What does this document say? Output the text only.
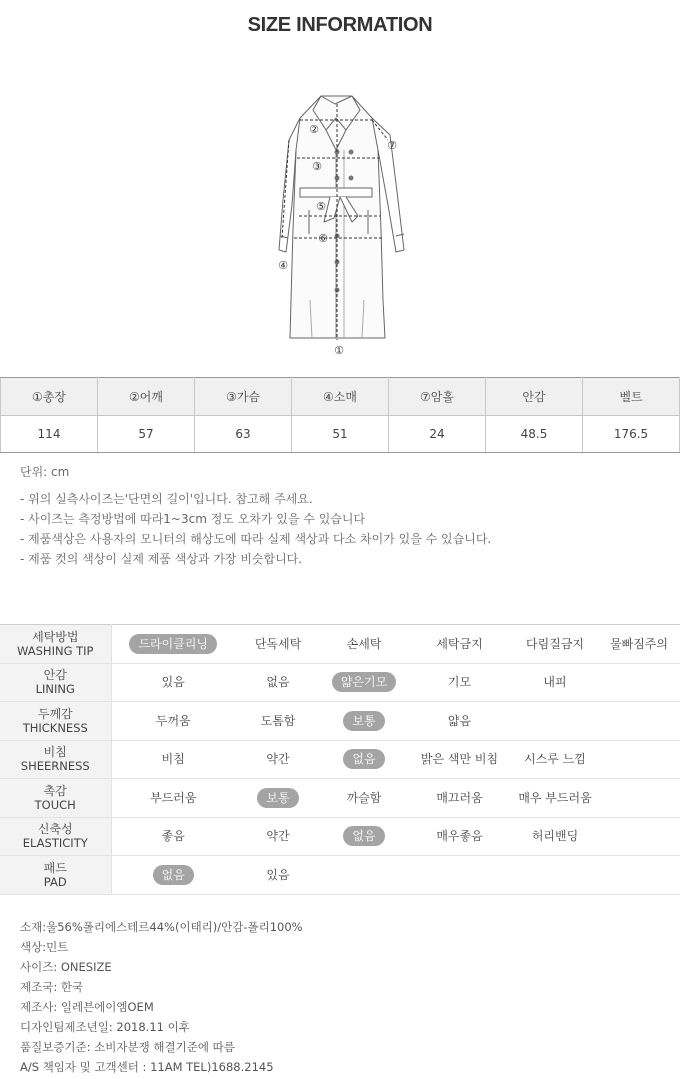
SIZE INFORMATION
①
②
③
④
⑤
⑥
⑦
①총장	②어깨	③가슴	④소매	⑦암홀	안감	벨트
114	57	63	51	24	48.5	176.5
단위: cm
- 위의 실측사이즈는'단면의 길이'입니다. 참고해 주세요.
- 사이즈는 측정방법에 따라1~3cm 정도 오차가 있을 수 있습니다
- 제품색상은 사용자의 모니터의 해상도에 따라 실제 색상과 다소 차이가 있을 수 있습니다.
- 제품 컷의 색상이 실제 제품 색상과 가장 비슷합니다.
세탁방법
WASHING TIP	드라이클리닝	단독세탁	손세탁	세탁금지	다림질금지	물빠짐주의

안감
LINING	있음	없음	얇은기모	기모	내피	

두께감
THICKNESS	두꺼움	도톰함	보통	얇음		

비침
SHEERNESS	비침	약간	없음	밝은 색만 비침	시스루 느낌	

촉감
TOUCH	부드러움	보통	까슬함	매끄러움	매우 부드러움	

신축성
ELASTICITY	좋음	약간	없음	매우좋음	허리밴딩	

패드
PAD	없음	있음				
소재:울56%폴리에스테르44%(이태리)/안감-폴리100%
색상:민트
사이즈: ONESIZE
제조국: 한국
제조사: 일레븐에이엠OEM
디자인팀제조년일: 2018.11 이후
품질보증기준: 소비자분쟁 해결기준에 따름
A/S 책임자 및 고객센터 : 11AM TEL)1688.2145
